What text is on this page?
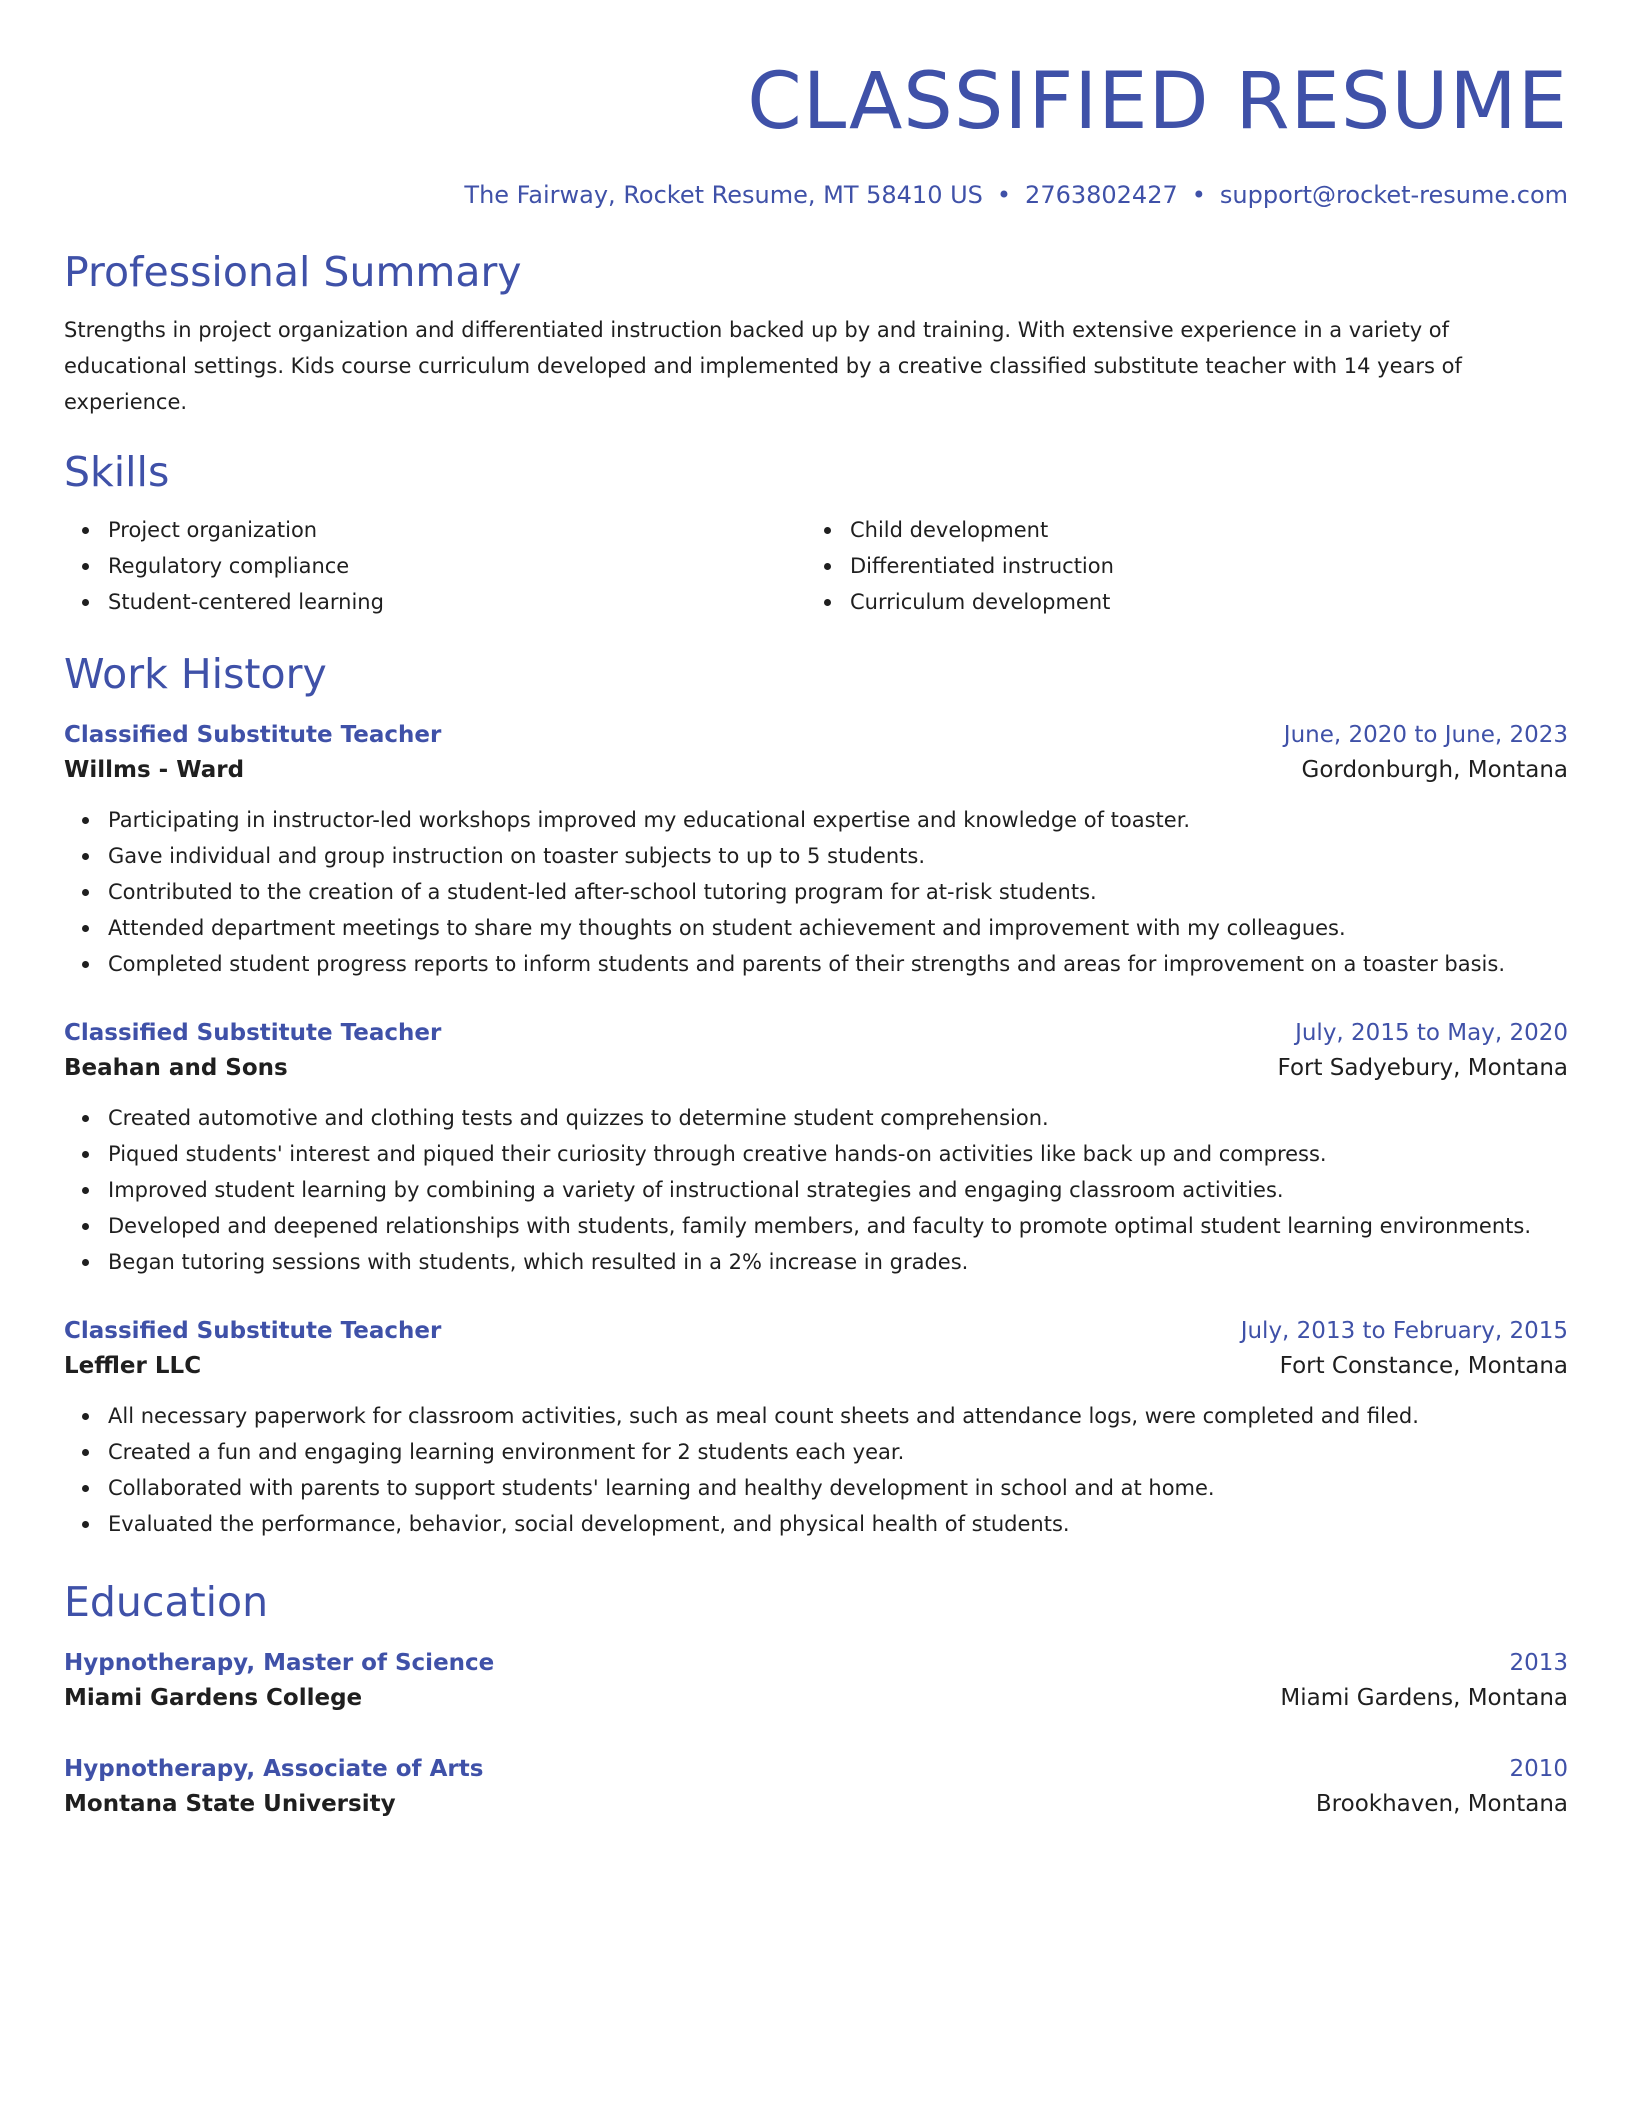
CLASSIFIED RESUME
The Fairway, Rocket Resume, MT 58410 US • 2763802427 • support@rocket-resume.com
Professional Summary
Strengths in project organization and differentiated instruction backed up by and training. With extensive experience in a variety of educational settings. Kids course curriculum developed and implemented by a creative classified substitute teacher with 14 years of experience.
Skills
Project organization
Regulatory compliance
Student-centered learning
Child development
Differentiated instruction
Curriculum development
Work History
Classified Substitute Teacher	June, 2020 to June, 2023
Willms - Ward	Gordonburgh, Montana
Participating in instructor-led workshops improved my educational expertise and knowledge of toaster.
Gave individual and group instruction on toaster subjects to up to 5 students.
Contributed to the creation of a student-led after-school tutoring program for at-risk students.
Attended department meetings to share my thoughts on student achievement and improvement with my colleagues.
Completed student progress reports to inform students and parents of their strengths and areas for improvement on a toaster basis.
Classified Substitute Teacher	July, 2015 to May, 2020
Beahan and Sons	Fort Sadyebury, Montana
Created automotive and clothing tests and quizzes to determine student comprehension.
Piqued students' interest and piqued their curiosity through creative hands-on activities like back up and compress.
Improved student learning by combining a variety of instructional strategies and engaging classroom activities.
Developed and deepened relationships with students, family members, and faculty to promote optimal student learning environments.
Began tutoring sessions with students, which resulted in a 2% increase in grades.
Classified Substitute Teacher	July, 2013 to February, 2015
Leffler LLC	Fort Constance, Montana
All necessary paperwork for classroom activities, such as meal count sheets and attendance logs, were completed and filed.
Created a fun and engaging learning environment for 2 students each year.
Collaborated with parents to support students' learning and healthy development in school and at home.
Evaluated the performance, behavior, social development, and physical health of students.
Education
Hypnotherapy, Master of Science	2013
Miami Gardens College	Miami Gardens, Montana
Hypnotherapy, Associate of Arts	2010
Montana State University	Brookhaven, Montana
